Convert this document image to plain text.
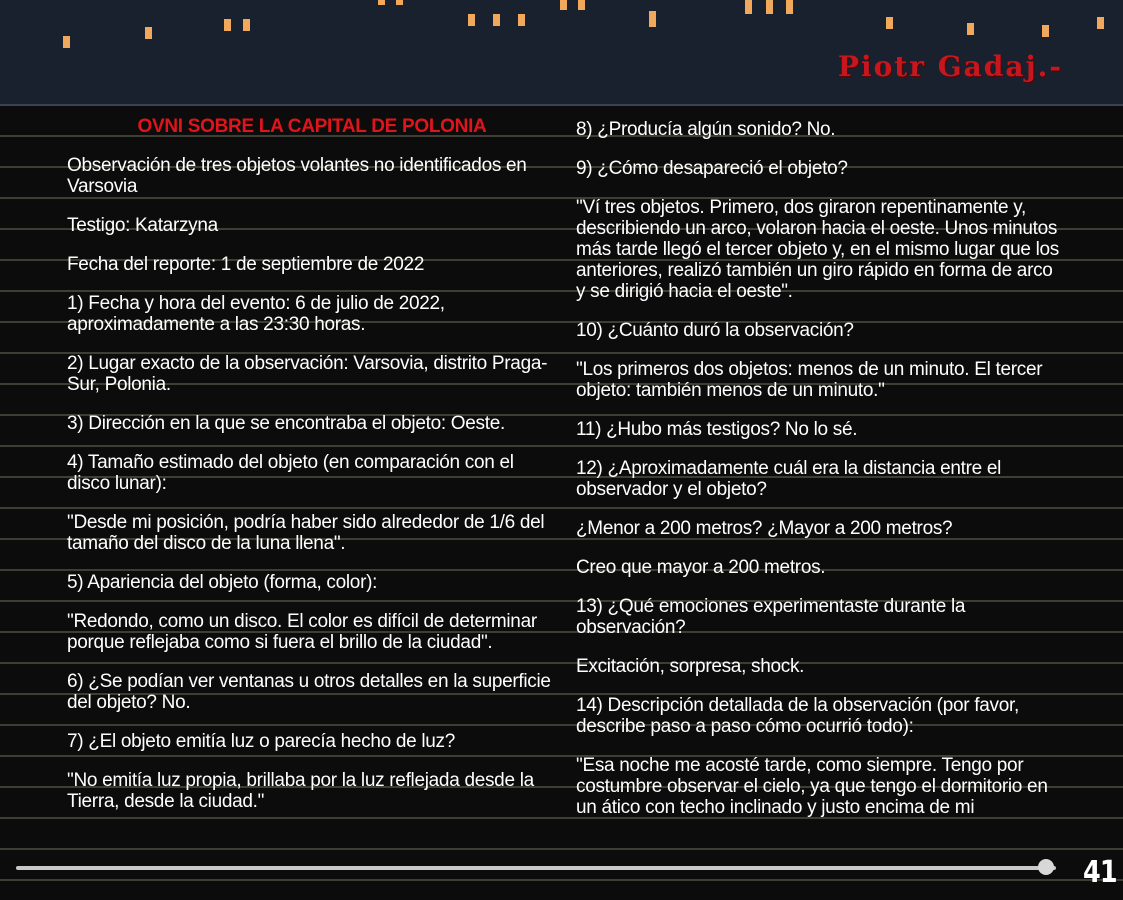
Piotr Gadaj.-

OVNI SOBRE LA CAPITAL DE POLONIA

Observación de tres objetos volantes no identificados en Varsovia

Testigo: Katarzyna

Fecha del reporte: 1 de septiembre de 2022

1) Fecha y hora del evento: 6 de julio de 2022, aproximadamente a las 23:30 horas.

2) Lugar exacto de la observación: Varsovia, distrito Praga-Sur, Polonia.

3) Dirección en la que se encontraba el objeto: Oeste.

4) Tamaño estimado del objeto (en comparación con el disco lunar):

"Desde mi posición, podría haber sido alrededor de 1/6 del tamaño del disco de la luna llena".

5) Apariencia del objeto (forma, color):

"Redondo, como un disco. El color es difícil de determinar porque reflejaba como si fuera el brillo de la ciudad".

6) ¿Se podían ver ventanas u otros detalles en la superficie del objeto? No.

7) ¿El objeto emitía luz o parecía hecho de luz?

"No emitía luz propia, brillaba por la luz reflejada desde la Tierra, desde la ciudad."

8) ¿Producía algún sonido? No.

9) ¿Cómo desapareció el objeto?

"Ví tres objetos. Primero, dos giraron repentinamente y, describiendo un arco, volaron hacia el oeste. Unos minutos más tarde llegó el tercer objeto y, en el mismo lugar que los anteriores, realizó también un giro rápido en forma de arco y se dirigió hacia el oeste".

10) ¿Cuánto duró la observación?

"Los primeros dos objetos: menos de un minuto. El tercer objeto: también menos de un minuto."

11) ¿Hubo más testigos? No lo sé.

12) ¿Aproximadamente cuál era la distancia entre el observador y el objeto?

¿Menor a 200 metros? ¿Mayor a 200 metros?

Creo que mayor a 200 metros.

13) ¿Qué emociones experimentaste durante la observación?

Excitación, sorpresa, shock.

14) Descripción detallada de la observación (por favor, describe paso a paso cómo ocurrió todo):

"Esa noche me acosté tarde, como siempre. Tengo por costumbre observar el cielo, ya que tengo el dormitorio en un ático con techo inclinado y justo encima de mi

41
